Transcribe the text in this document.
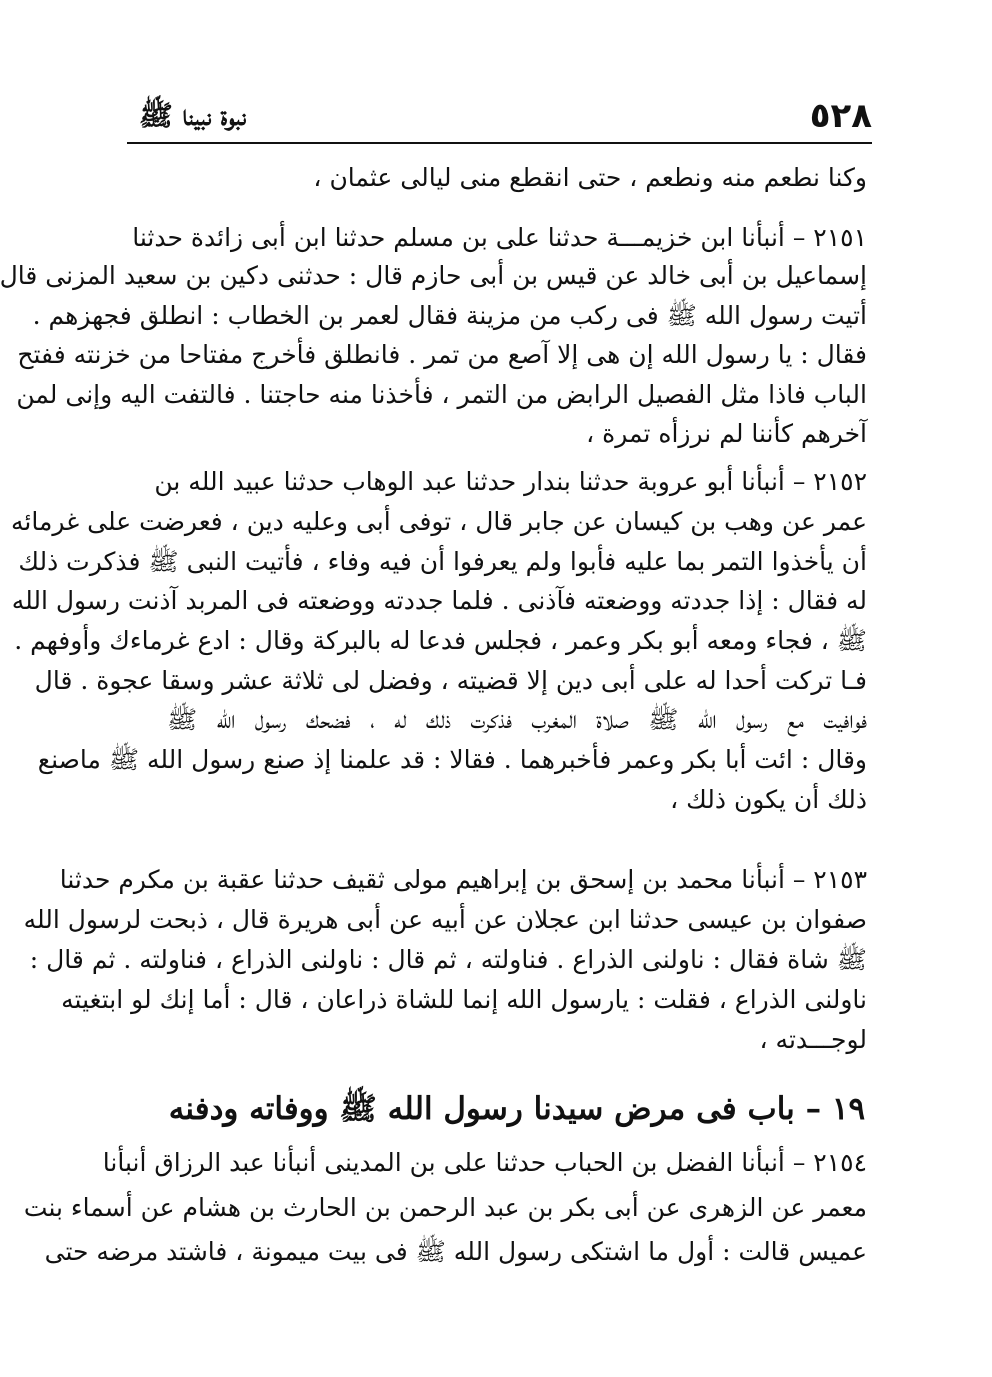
٥٢٨
نبوة نبينا ﷺ
وكنا نطعم منه ونطعم ، حتى انقطع منى ليالى عثمان ،
٢١٥١ – أنبأنا ابن خزيمـــة حدثنا على بن مسلم حدثنا ابن أبى زائدة حدثنا
إسماعيل بن أبى خالد عن قيس بن أبى حازم قال : حدثنى دكين بن سعيد المزنى قال
أتيت رسول الله ﷺ فى ركب من مزينة فقال لعمر بن الخطاب : انطلق فجهزهم .
فقال : يا رسول الله إن هى إلا آصع من تمر . فانطلق فأخرج مفتاحا من خزنته ففتح
الباب فاذا مثل الفصيل الرابض من التمر ، فأخذنا منه حاجتنا . فالتفت اليه وإنى لمن
آخرهم كأننا لم نرزأه تمرة ،
٢١٥٢ – أنبأنا أبو عروبة حدثنا بندار حدثنا عبد الوهاب حدثنا عبيد الله بن
عمر عن وهب بن كيسان عن جابر قال ، توفى أبى وعليه دين ، فعرضت على غرمائه
أن يأخذوا التمر بما عليه فأبوا ولم يعرفوا أن فيه وفاء ، فأتيت النبى ﷺ فذكرت ذلك
له فقال : إذا جددته ووضعته فآذنى . فلما جددته ووضعته فى المربد آذنت رسول الله
ﷺ ، فجاء ومعه أبو بكر وعمر ، فجلس فدعا له بالبركة وقال : ادع غرماءك وأوفهم .
فـا تركت أحدا له على أبى دين إلا قضيته ، وفضل لى ثلاثة عشر وسقا عجوة . قال
فوافيت مع رسول الله ﷺ صلاة المغرب فذكرت ذلك له ، فضحك رسول الله ﷺ
وقال : ائت أبا بكر وعمر فأخبرهما . فقالا : قد علمنا إذ صنع رسول الله ﷺ ماصنع
ذلك أن يكون ذلك ،
٢١٥٣ – أنبأنا محمد بن إسحق بن إبراهيم مولى ثقيف حدثنا عقبة بن مكرم حدثنا
صفوان بن عيسى حدثنا ابن عجلان عن أبيه عن أبى هريرة قال ، ذبحت لرسول الله
ﷺ شاة فقال : ناولنى الذراع . فناولته ، ثم قال : ناولنى الذراع ، فناولته . ثم قال :
ناولنى الذراع ، فقلت : يارسول الله إنما للشاة ذراعان ، قال : أما إنك لو ابتغيته
لوجـــدته ،
١٩ – باب فى مرض سيدنا رسول الله ﷺ ووفاته ودفنه
٢١٥٤ – أنبأنا الفضل بن الحباب حدثنا على بن المدينى أنبأنا عبد الرزاق أنبأنا
معمر عن الزهرى عن أبى بكر بن عبد الرحمن بن الحارث بن هشام عن أسماء بنت
عميس قالت : أول ما اشتكى رسول الله ﷺ فى بيت ميمونة ، فاشتد مرضه حتى
